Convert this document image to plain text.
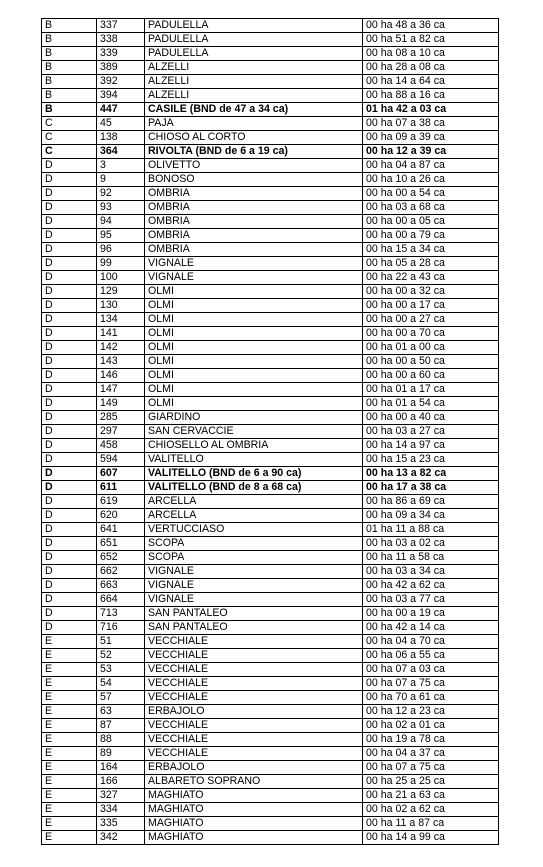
B	337	PADULELLA	00 ha 48 a 36 ca
B	338	PADULELLA	00 ha 51 a 82 ca
B	339	PADULELLA	00 ha 08 a 10 ca
B	389	ALZELLI	00 ha 28 a 08 ca
B	392	ALZELLI	00 ha 14 a 64 ca
B	394	ALZELLI	00 ha 88 a 16 ca
B	447	CASILE (BND de 47 a 34 ca)	01 ha 42 a 03 ca
C	45	PAJA	00 ha 07 a 38 ca
C	138	CHIOSO AL CORTO	00 ha 09 a 39 ca
C	364	RIVOLTA (BND de 6 a 19 ca)	00 ha 12 a 39 ca
D	3	OLIVETTO	00 ha 04 a 87 ca
D	9	BONOSO	00 ha 10 a 26 ca
D	92	OMBRIA	00 ha 00 a 54 ca
D	93	OMBRIA	00 ha 03 a 68 ca
D	94	OMBRIA	00 ha 00 a 05 ca
D	95	OMBRIA	00 ha 00 a 79 ca
D	96	OMBRIA	00 ha 15 a 34 ca
D	99	VIGNALE	00 ha 05 a 28 ca
D	100	VIGNALE	00 ha 22 a 43 ca
D	129	OLMI	00 ha 00 a 32 ca
D	130	OLMI	00 ha 00 a 17 ca
D	134	OLMI	00 ha 00 a 27 ca
D	141	OLMI	00 ha 00 a 70 ca
D	142	OLMI	00 ha 01 a 00 ca
D	143	OLMI	00 ha 00 a 50 ca
D	146	OLMI	00 ha 00 a 60 ca
D	147	OLMI	00 ha 01 a 17 ca
D	149	OLMI	00 ha 01 a 54 ca
D	285	GIARDINO	00 ha 00 a 40 ca
D	297	SAN CERVACCIE	00 ha 03 a 27 ca
D	458	CHIOSELLO AL OMBRIA	00 ha 14 a 97 ca
D	594	VALITELLO	00 ha 15 a 23 ca
D	607	VALITELLO (BND de 6 a 90 ca)	00 ha 13 a 82 ca
D	611	VALITELLO (BND de 8 a 68 ca)	00 ha 17 a 38 ca
D	619	ARCELLA	00 ha 86 a 69 ca
D	620	ARCELLA	00 ha 09 a 34 ca
D	641	VERTUCCIASO	01 ha 11 a 88 ca
D	651	SCOPA	00 ha 03 a 02 ca
D	652	SCOPA	00 ha 11 a 58 ca
D	662	VIGNALE	00 ha 03 a 34 ca
D	663	VIGNALE	00 ha 42 a 62 ca
D	664	VIGNALE	00 ha 03 a 77 ca
D	713	SAN PANTALEO	00 ha 00 a 19 ca
D	716	SAN PANTALEO	00 ha 42 a 14 ca
E	51	VECCHIALE	00 ha 04 a 70 ca
E	52	VECCHIALE	00 ha 06 a 55 ca
E	53	VECCHIALE	00 ha 07 a 03 ca
E	54	VECCHIALE	00 ha 07 a 75 ca
E	57	VECCHIALE	00 ha 70 a 61 ca
E	63	ERBAJOLO	00 ha 12 a 23 ca
E	87	VECCHIALE	00 ha 02 a 01 ca
E	88	VECCHIALE	00 ha 19 a 78 ca
E	89	VECCHIALE	00 ha 04 a 37 ca
E	164	ERBAJOLO	00 ha 07 a 75 ca
E	166	ALBARETO SOPRANO	00 ha 25 a 25 ca
E	327	MAGHIATO	00 ha 21 a 63 ca
E	334	MAGHIATO	00 ha 02 a 62 ca
E	335	MAGHIATO	00 ha 11 a 87 ca
E	342	MAGHIATO	00 ha 14 a 99 ca
